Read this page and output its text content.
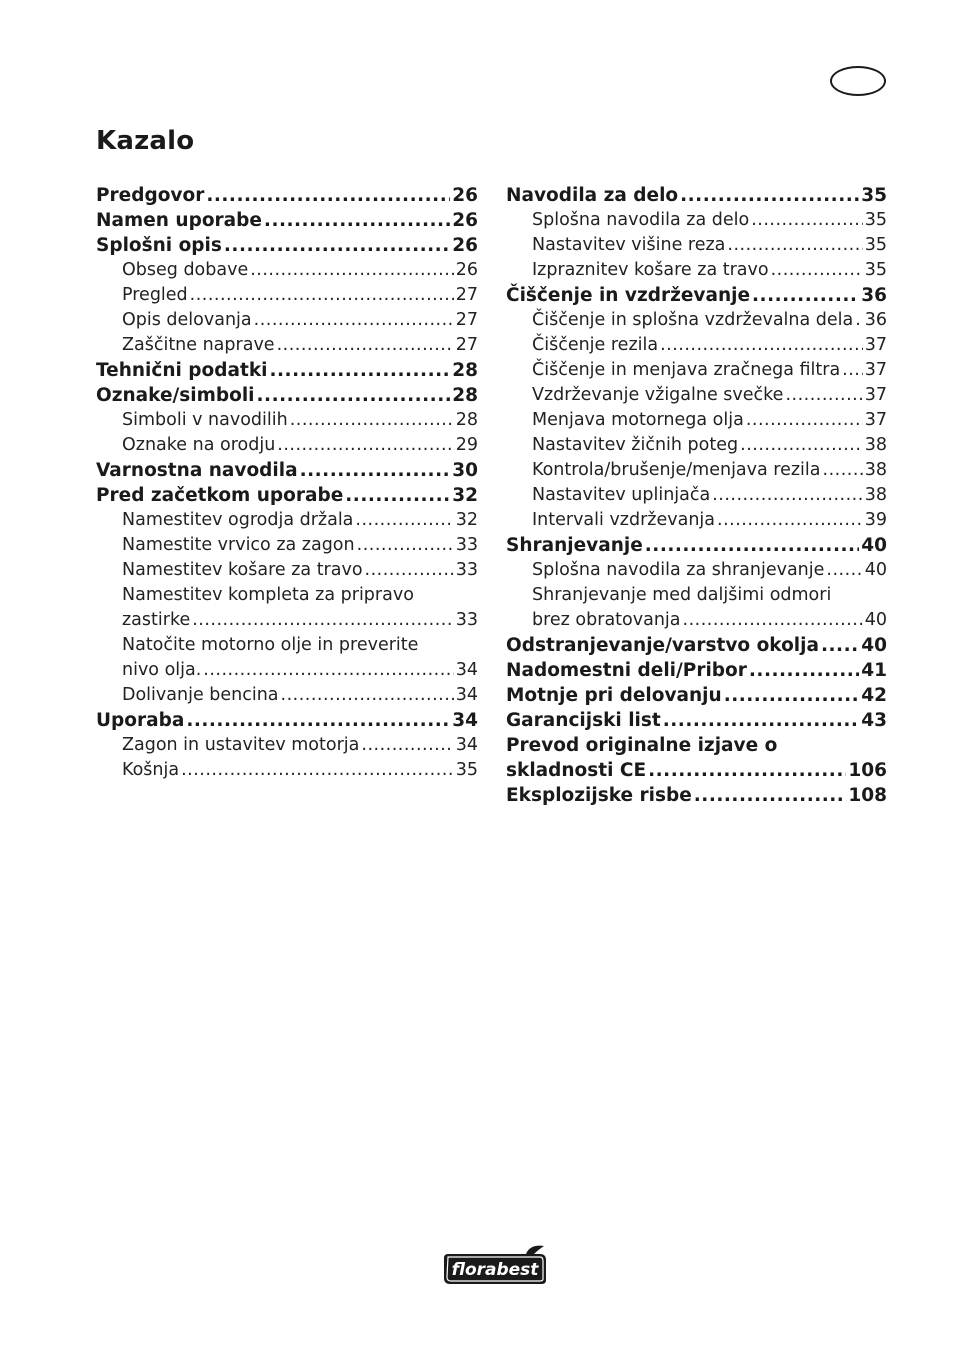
Kazalo
Predgovor .....	26
Namen uporabe .....	26
Splošni opis .....	26
Obseg dobave .....	26
Pregled .....	27
Opis delovanja .....	27
Zaščitne naprave .....	27
Tehnični podatki .....	28
Oznake/simboli .....	28
Simboli v navodilih .....	28
Oznake na orodju .....	29
Varnostna navodila .....	30
Pred začetkom uporabe .....	32
Namestitev ogrodja držala .....	32
Namestite vrvico za zagon .....	33
Namestitev košare za travo .....	33
Namestitev kompleta za pripravo
zastirke .....	33
Natočite motorno olje in preverite
nivo olja. .....	34
Dolivanje bencina .....	34
Uporaba .....	34
Zagon in ustavitev motorja .....	34
Košnja .....	35
Navodila za delo .....	35
Splošna navodila za delo .....	35
Nastavitev višine reza .....	35
Izpraznitev košare za travo .....	35
Čiščenje in vzdrževanje .....	36
Čiščenje in splošna vzdrževalna dela ..... 36
Čiščenje rezila .....	37
Čiščenje in menjava zračnega filtra ..... 37
Vzdrževanje vžigalne svečke .....	37
Menjava motornega olja .....	37
Nastavitev žičnih poteg .....	38
Kontrola/brušenje/menjava rezila .....	38
Nastavitev uplinjača .....	38
Intervali vzdrževanja .....	39
Shranjevanje .....	40
Splošna navodila za shranjevanje ..... 40
Shranjevanje med daljšimi odmori
brez obratovanja .....	40
Odstranjevanje/varstvo okolja ..... 40
Nadomestni deli/Pribor .....	41
Motnje pri delovanju .....	42
Garancijski list .....	43
Prevod originalne izjave o
skladnosti CE .....	106
Eksplozijske risbe .....	108
florabest
